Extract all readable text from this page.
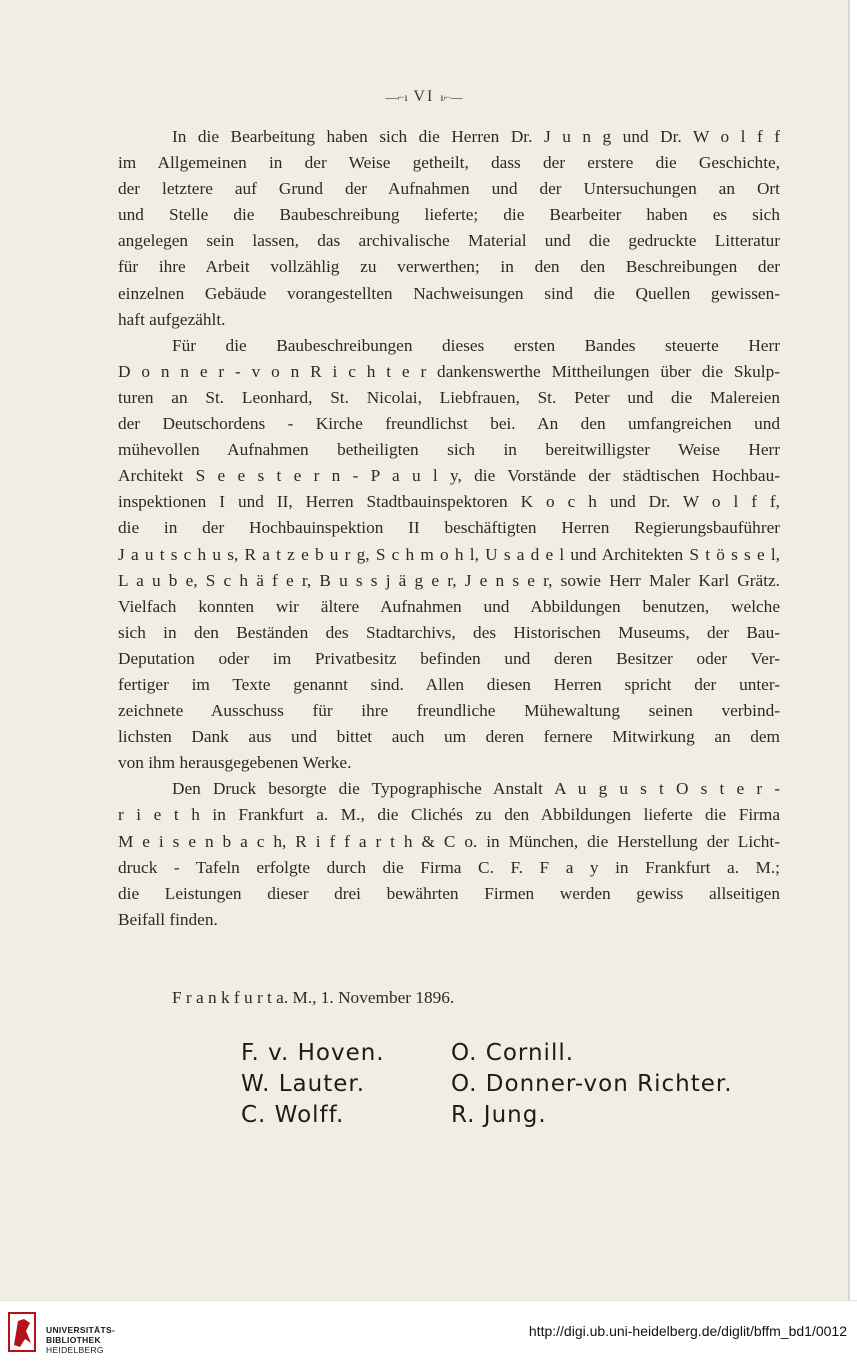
—⌐ı VI ı⌐—
In die Bearbeitung haben sich die Herren Dr. J u n g und Dr. W o l f f
im Allgemeinen in der Weise getheilt, dass der erstere die Geschichte,
der letztere auf Grund der Aufnahmen und der Untersuchungen an Ort
und Stelle die Baubeschreibung lieferte; die Bearbeiter haben es sich
angelegen sein lassen, das archivalische Material und die gedruckte Litteratur
für ihre Arbeit vollzählig zu verwerthen; in den den Beschreibungen der
einzelnen Gebäude vorangestellten Nachweisungen sind die Quellen gewissen-
haft aufgezählt.
Für die Baubeschreibungen dieses ersten Bandes steuerte Herr
D o n n e r - v o n R i c h t e r dankenswerthe Mittheilungen über die Skulp-
turen an St. Leonhard, St. Nicolai, Liebfrauen, St. Peter und die Malereien
der Deutschordens - Kirche freundlichst bei. An den umfangreichen und
mühevollen Aufnahmen betheiligten sich in bereitwilligster Weise Herr
Architekt S e e s t e r n - P a u l y, die Vorstände der städtischen Hochbau-
inspektionen I und II, Herren Stadtbauinspektoren K o c h und Dr. W o l f f,
die in der Hochbauinspektion II beschäftigten Herren Regierungsbauführer
J a u t s c h u s, R a t z e b u r g, S c h m o h l, U s a d e l und Architekten S t ö s s e l,
L a u b e, S c h ä f e r, B u s s j ä g e r, J e n s e r, sowie Herr Maler Karl Grätz.
Vielfach konnten wir ältere Aufnahmen und Abbildungen benutzen, welche
sich in den Beständen des Stadtarchivs, des Historischen Museums, der Bau-
Deputation oder im Privatbesitz befinden und deren Besitzer oder Ver-
fertiger im Texte genannt sind. Allen diesen Herren spricht der unter-
zeichnete Ausschuss für ihre freundliche Mühewaltung seinen verbind-
lichsten Dank aus und bittet auch um deren fernere Mitwirkung an dem
von ihm herausgegebenen Werke.
Den Druck besorgte die Typographische Anstalt A u g u s t O s t e r -
r i e t h in Frankfurt a. M., die Clichés zu den Abbildungen lieferte die Firma
M e i s e n b a c h, R i f f a r t h & C o. in München, die Herstellung der Licht-
druck - Tafeln erfolgte durch die Firma C. F. F a y in Frankfurt a. M.;
die Leistungen dieser drei bewährten Firmen werden gewiss allseitigen
Beifall finden.
F r a n k f u r t a. M., 1. November 1896.
F. v. Hoven.
W. Lauter.
C. Wolff.
O. Cornill.
O. Donner-von Richter.
R. Jung.
UNIVERSITÄTS-
BIBLIOTHEK
HEIDELBERG
http://digi.ub.uni-heidelberg.de/diglit/bffm_bd1/0012
